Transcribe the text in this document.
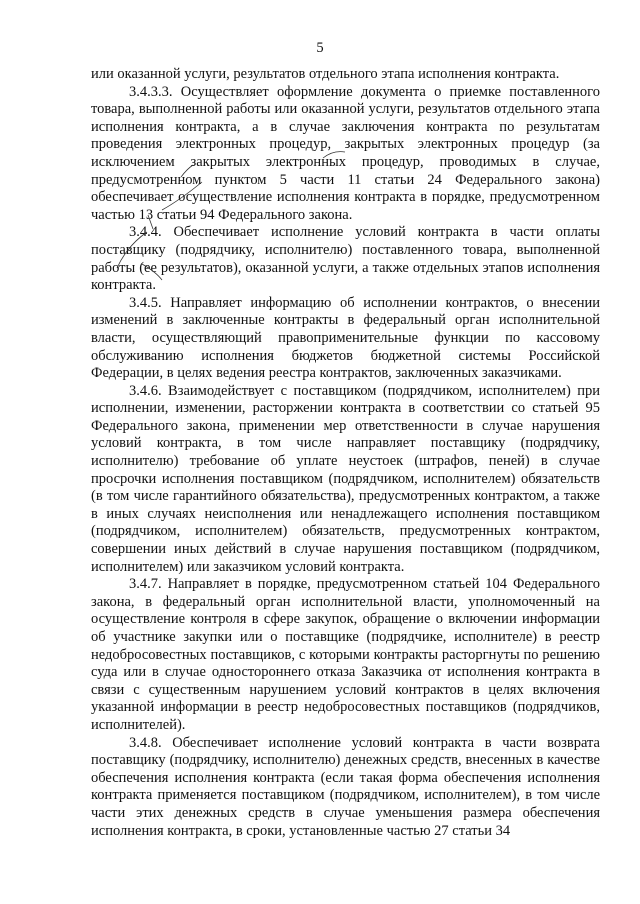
5

или оказанной услуги, результатов отдельного этапа исполнения контракта.

3.4.3.3. Осуществляет оформление документа о приемке поставленного товара, выполненной работы или оказанной услуги, результатов отдельного этапа исполнения контракта, а в случае заключения контракта по результатам проведения электронных процедур, закрытых электронных процедур (за исключением закрытых электронных процедур, проводимых в случае, предусмотренном пунктом 5 части 11 статьи 24 Федерального закона) обеспечивает осуществление исполнения контракта в порядке, предусмотренном частью 13 статьи 94 Федерального закона.

3.4.4. Обеспечивает исполнение условий контракта в части оплаты поставщику (подрядчику, исполнителю) поставленного товара, выполненной работы (ее результатов), оказанной услуги, а также отдельных этапов исполнения контракта.

3.4.5. Направляет информацию об исполнении контрактов, о внесении изменений в заключенные контракты в федеральный орган исполнительной власти, осуществляющий правоприменительные функции по кассовому обслуживанию исполнения бюджетов бюджетной системы Российской Федерации, в целях ведения реестра контрактов, заключенных заказчиками.

3.4.6. Взаимодействует с поставщиком (подрядчиком, исполнителем) при исполнении, изменении, расторжении контракта в соответствии со статьей 95 Федерального закона, применении мер ответственности в случае нарушения условий контракта, в том числе направляет поставщику (подрядчику, исполнителю) требование об уплате неустоек (штрафов, пеней) в случае просрочки исполнения поставщиком (подрядчиком, исполнителем) обязательств (в том числе гарантийного обязательства), предусмотренных контрактом, а также в иных случаях неисполнения или ненадлежащего исполнения поставщиком (подрядчиком, исполнителем) обязательств, предусмотренных контрактом, совершении иных действий в случае нарушения поставщиком (подрядчиком, исполнителем) или заказчиком условий контракта.

3.4.7. Направляет в порядке, предусмотренном статьей 104 Федерального закона, в федеральный орган исполнительной власти, уполномоченный на осуществление контроля в сфере закупок, обращение о включении информации об участнике закупки или о поставщике (подрядчике, исполнителе) в реестр недобросовестных поставщиков, с которыми контракты расторгнуты по решению суда или в случае одностороннего отказа Заказчика от исполнения контракта в связи с существенным нарушением условий контрактов в целях включения указанной информации в реестр недобросовестных поставщиков (подрядчиков, исполнителей).

3.4.8. Обеспечивает исполнение условий контракта в части возврата поставщику (подрядчику, исполнителю) денежных средств, внесенных в качестве обеспечения исполнения контракта (если такая форма обеспечения исполнения контракта применяется поставщиком (подрядчиком, исполнителем), в том числе части этих денежных средств в случае уменьшения размера обеспечения исполнения контракта, в сроки, установленные частью 27 статьи 34
